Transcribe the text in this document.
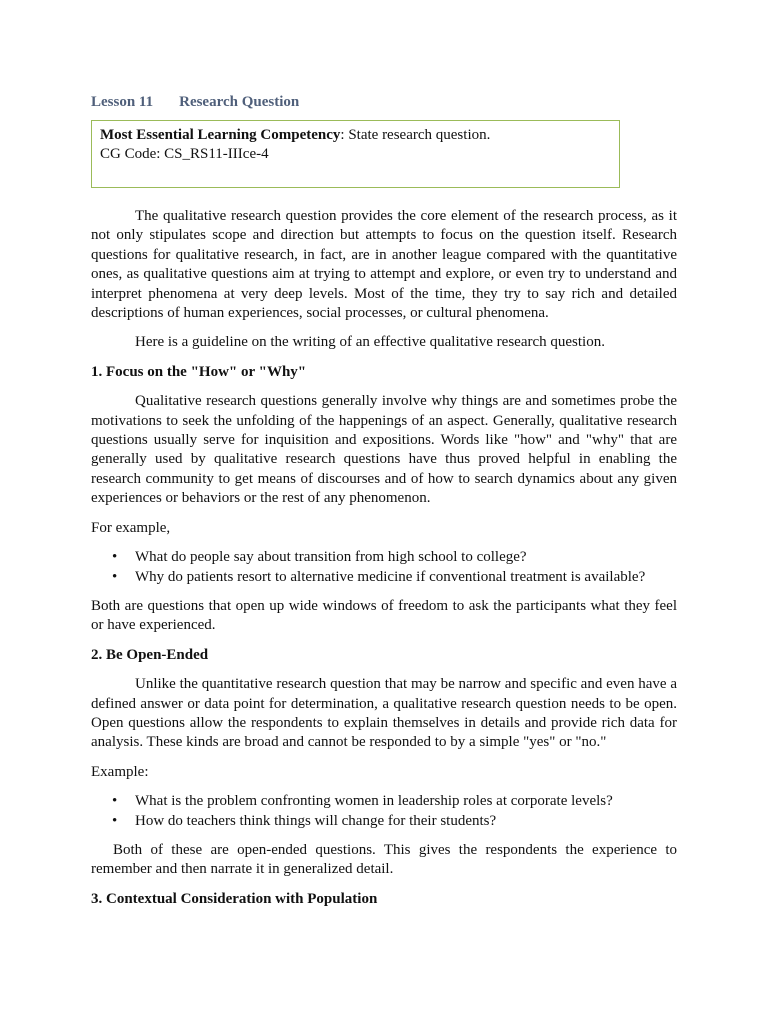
Lesson 11 Research Question

Most Essential Learning Competency: State research question.

CG Code: CS_RS11-IIIce-4

The qualitative research question provides the core element of the research process, as it not only stipulates scope and direction but attempts to focus on the question itself. Research questions for qualitative research, in fact, are in another league compared with the quantitative ones, as qualitative questions aim at trying to attempt and explore, or even try to understand and interpret phenomena at very deep levels. Most of the time, they try to say rich and detailed descriptions of human experiences, social processes, or cultural phenomena.

Here is a guideline on the writing of an effective qualitative research question.

1. Focus on the "How" or "Why"

Qualitative research questions generally involve why things are and sometimes probe the motivations to seek the unfolding of the happenings of an aspect. Generally, qualitative research questions usually serve for inquisition and expositions. Words like "how" and "why" that are generally used by qualitative research questions have thus proved helpful in enabling the research community to get means of discourses and of how to search dynamics about any given experiences or behaviors or the rest of any phenomenon.

For example,

• What do people say about transition from high school to college?
• Why do patients resort to alternative medicine if conventional treatment is available?

Both are questions that open up wide windows of freedom to ask the participants what they feel or have experienced.

2. Be Open-Ended

Unlike the quantitative research question that may be narrow and specific and even have a defined answer or data point for determination, a qualitative research question needs to be open. Open questions allow the respondents to explain themselves in details and provide rich data for analysis. These kinds are broad and cannot be responded to by a simple "yes" or "no."

Example:

• What is the problem confronting women in leadership roles at corporate levels?
• How do teachers think things will change for their students?

Both of these are open-ended questions. This gives the respondents the experience to remember and then narrate it in generalized detail.

3. Contextual Consideration with Population
